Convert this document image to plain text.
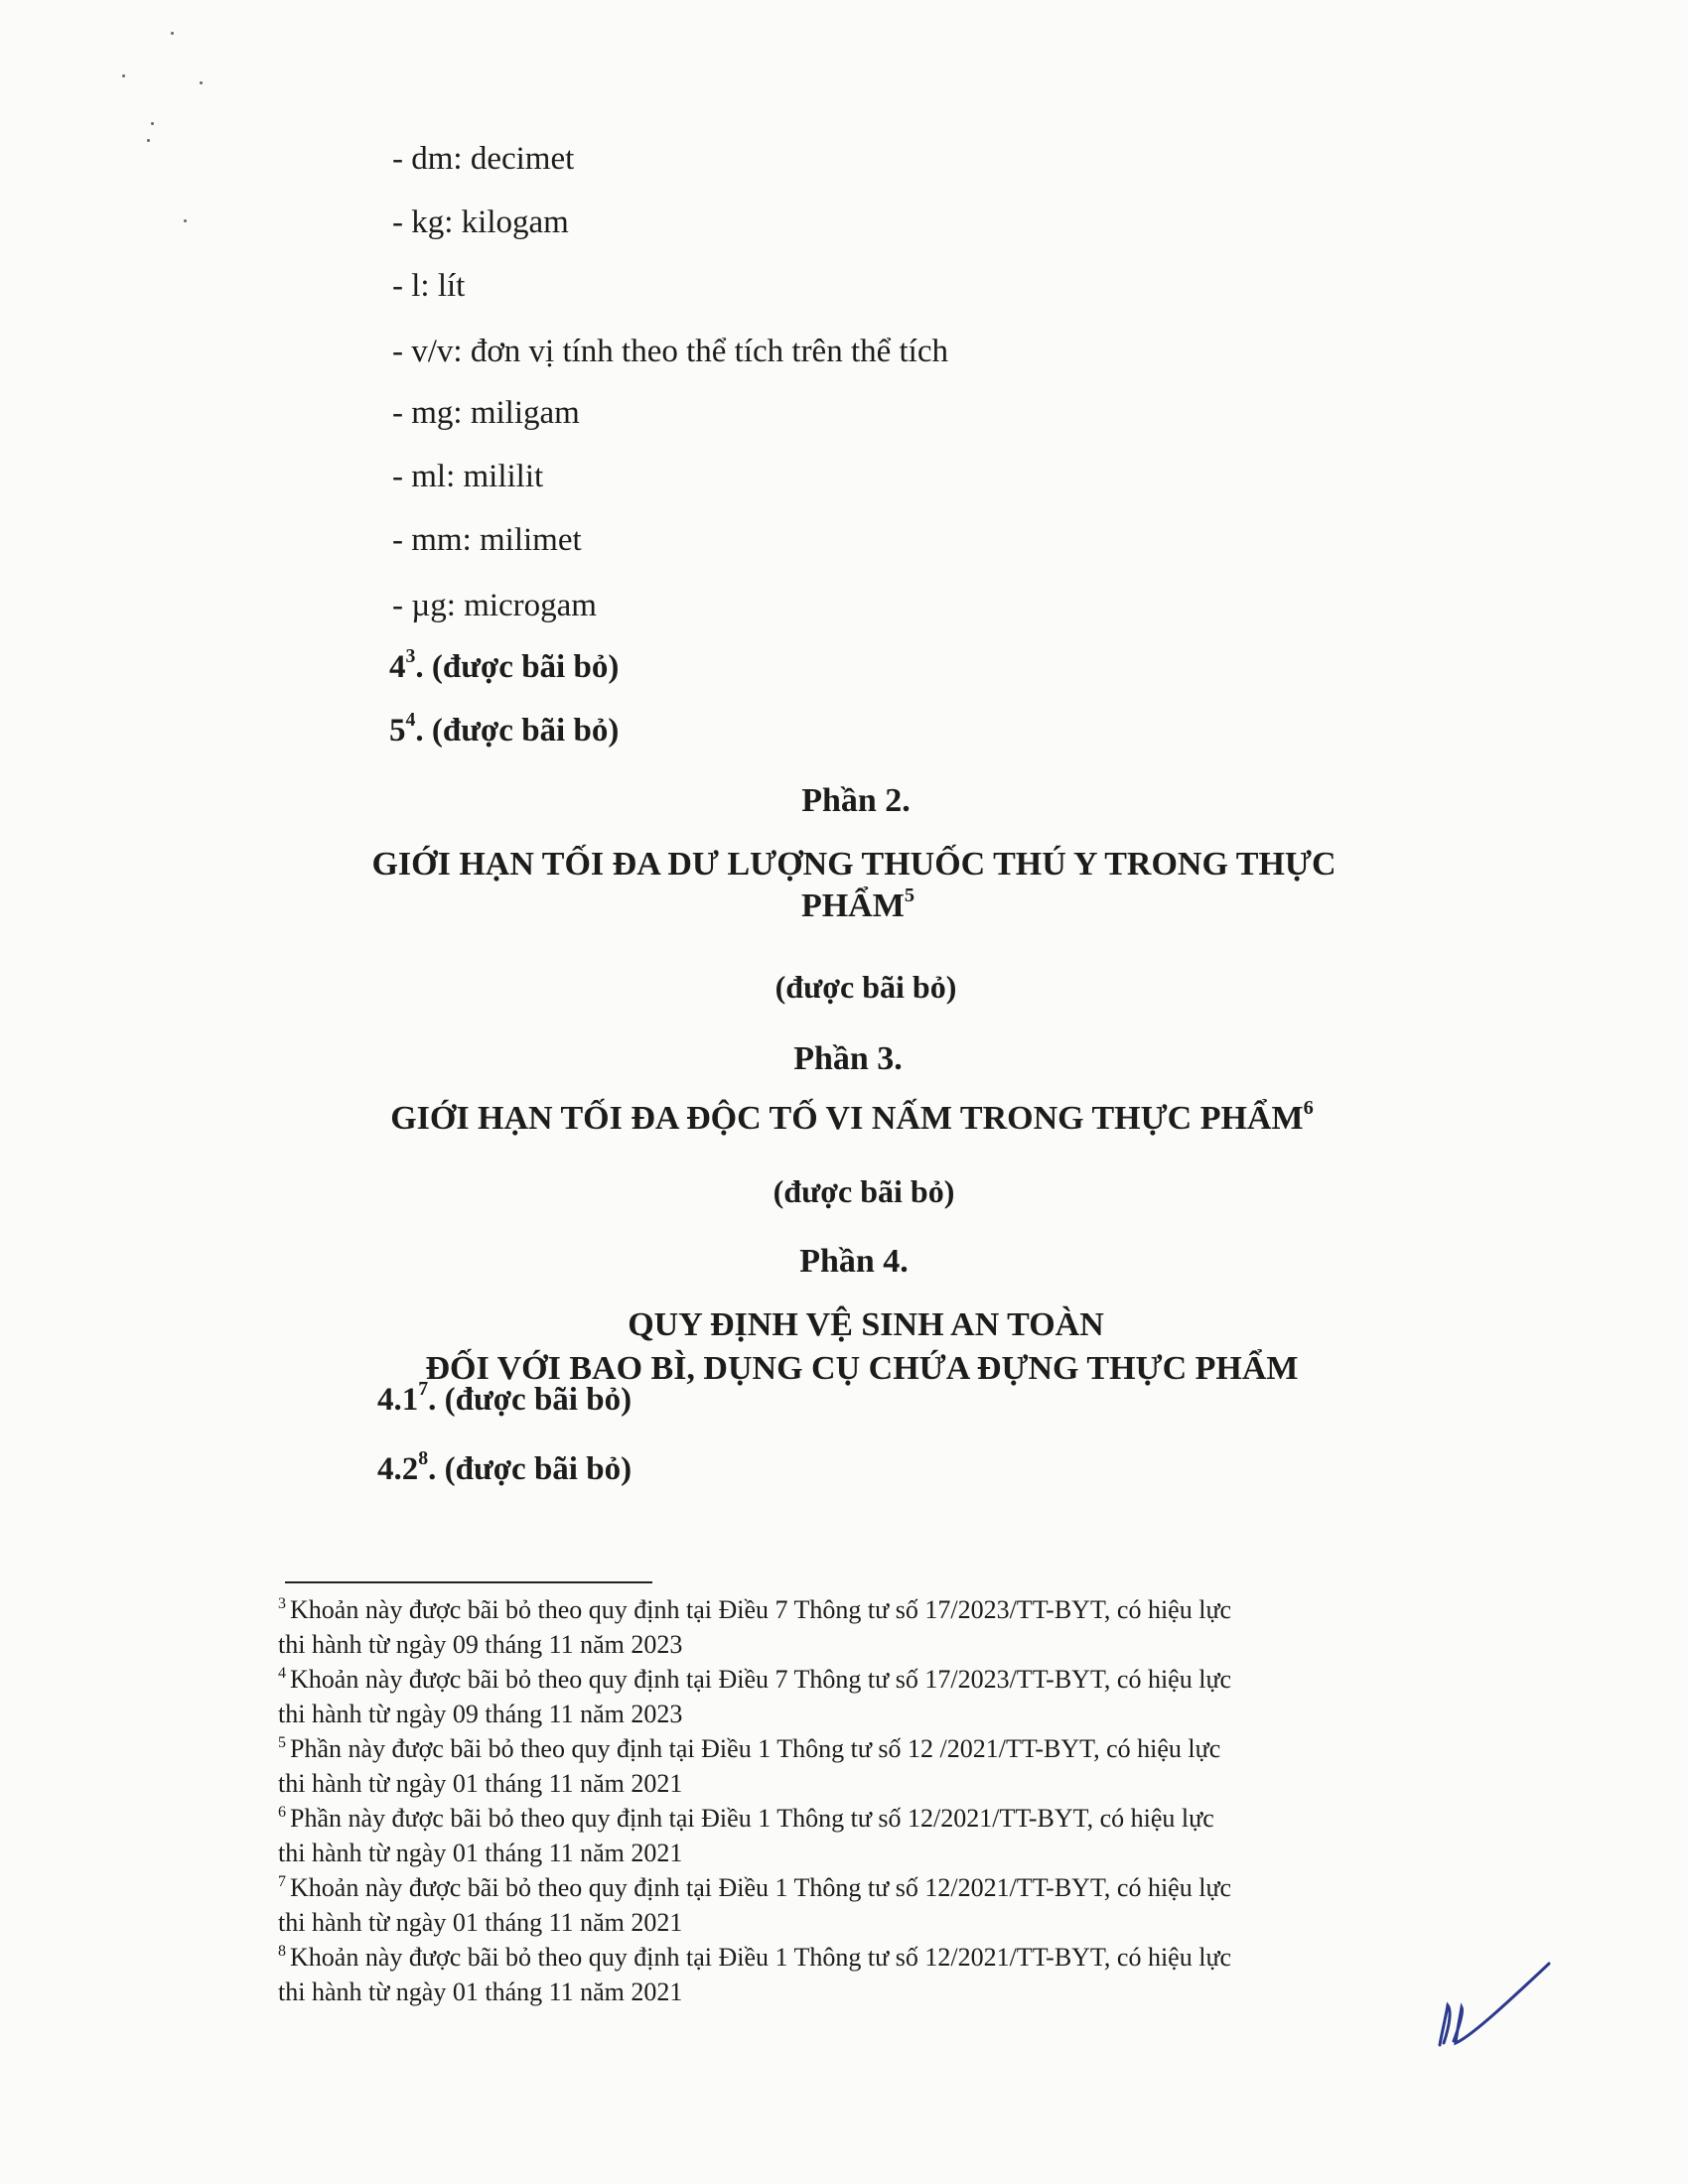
- dm: decimet
- kg: kilogam
- l: lít
- v/v: đơn vị tính theo thể tích trên thể tích
- mg: miligam
- ml: mililit
- mm: milimet
- µg: microgam
$4^3$. (được bãi bỏ)
$5^4$. (được bãi bỏ)
Phần 2.
GIỚI HẠN TỐI ĐA DƯ LƯỢNG THUỐC THÚ Y TRONG THỰC
PHẨM$^5$
(được bãi bỏ)
Phần 3.
GIỚI HẠN TỐI ĐA ĐỘC TỐ VI NẤM TRONG THỰC PHẨM$^6$
(được bãi bỏ)
Phần 4.
QUY ĐỊNH VỆ SINH AN TOÀN
ĐỐI VỚI BAO BÌ, DỤNG CỤ CHỨA ĐỰNG THỰC PHẨM
$4.1^7$. (được bãi bỏ)
$4.2^8$. (được bãi bỏ)
$^3$ Khoản này được bãi bỏ theo quy định tại Điều 7 Thông tư số 17/2023/TT-BYT, có hiệu lực
thi hành từ ngày 09 tháng 11 năm 2023
$^4$ Khoản này được bãi bỏ theo quy định tại Điều 7 Thông tư số 17/2023/TT-BYT, có hiệu lực
thi hành từ ngày 09 tháng 11 năm 2023
$^5$ Phần này được bãi bỏ theo quy định tại Điều 1 Thông tư số 12 /2021/TT-BYT, có hiệu lực
thi hành từ ngày 01 tháng 11 năm 2021
$^6$ Phần này được bãi bỏ theo quy định tại Điều 1 Thông tư số 12/2021/TT-BYT, có hiệu lực
thi hành từ ngày 01 tháng 11 năm 2021
$^7$ Khoản này được bãi bỏ theo quy định tại Điều 1 Thông tư số 12/2021/TT-BYT, có hiệu lực
thi hành từ ngày 01 tháng 11 năm 2021
$^8$ Khoản này được bãi bỏ theo quy định tại Điều 1 Thông tư số 12/2021/TT-BYT, có hiệu lực
thi hành từ ngày 01 tháng 11 năm 2021
